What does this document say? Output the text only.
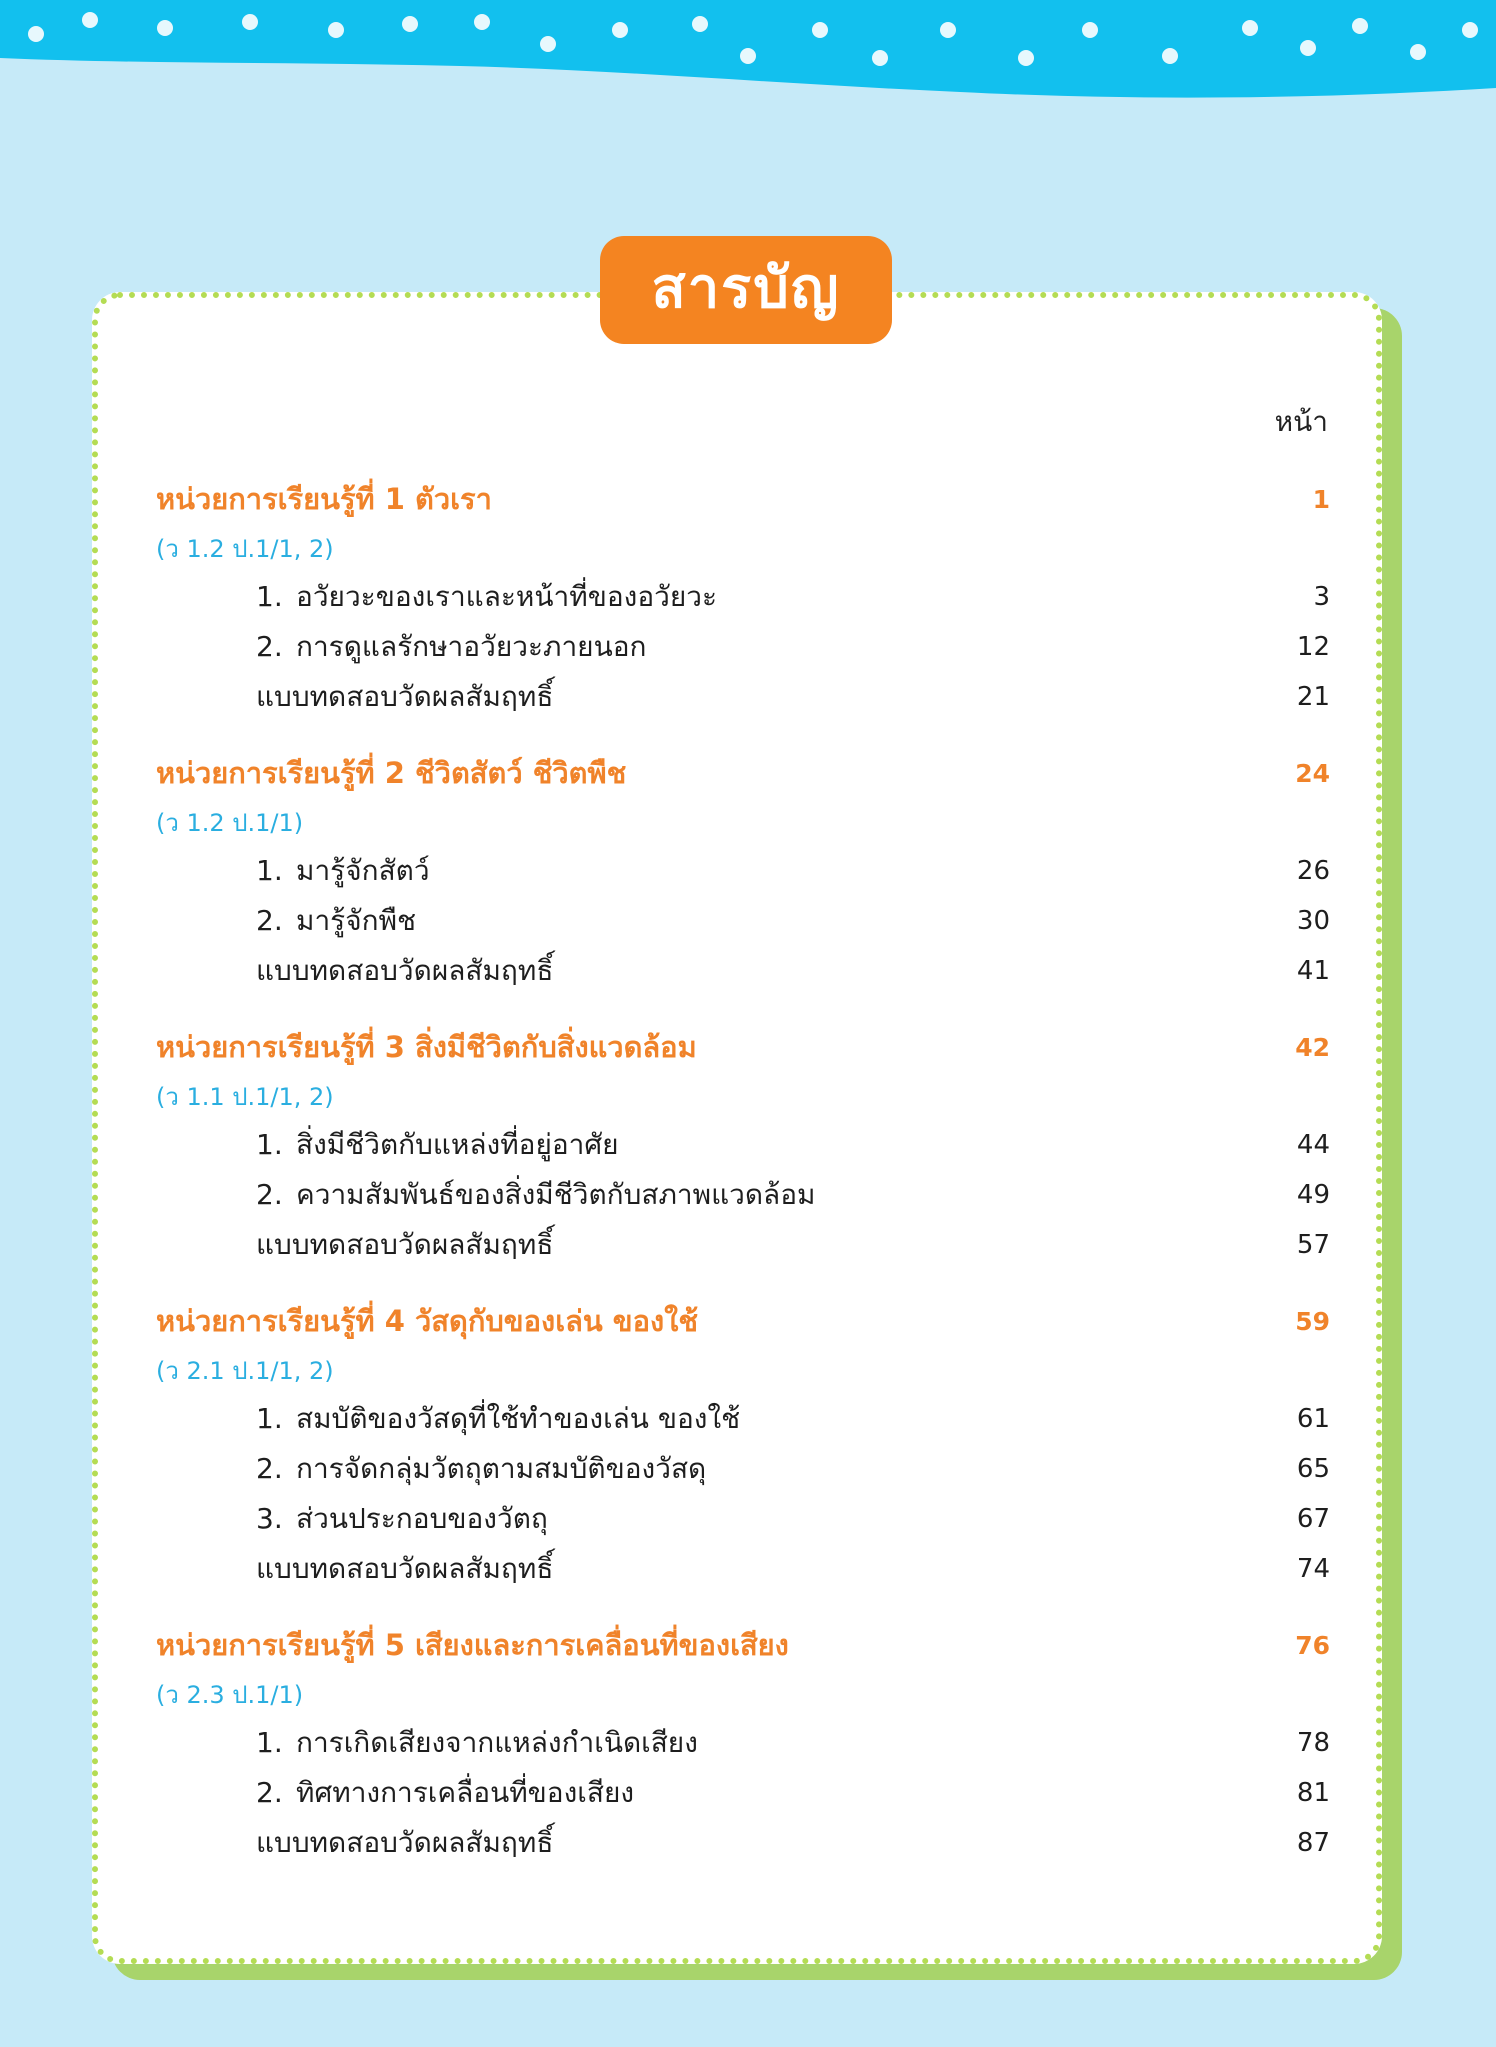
สารบัญ
หน้า
หน่วยการเรียนรู้ที่ 1 ตัวเรา	1
(ว 1.2 ป.1/1, 2)
1. อวัยวะของเราและหน้าที่ของอวัยวะ	3
2. การดูแลรักษาอวัยวะภายนอก	12
แบบทดสอบวัดผลสัมฤทธิ์	21
หน่วยการเรียนรู้ที่ 2 ชีวิตสัตว์ ชีวิตพืช	24
(ว 1.2 ป.1/1)
1. มารู้จักสัตว์	26
2. มารู้จักพืช	30
แบบทดสอบวัดผลสัมฤทธิ์	41
หน่วยการเรียนรู้ที่ 3 สิ่งมีชีวิตกับสิ่งแวดล้อม	42
(ว 1.1 ป.1/1, 2)
1. สิ่งมีชีวิตกับแหล่งที่อยู่อาศัย	44
2. ความสัมพันธ์ของสิ่งมีชีวิตกับสภาพแวดล้อม	49
แบบทดสอบวัดผลสัมฤทธิ์	57
หน่วยการเรียนรู้ที่ 4 วัสดุกับของเล่น ของใช้	59
(ว 2.1 ป.1/1, 2)
1. สมบัติของวัสดุที่ใช้ทำของเล่น ของใช้	61
2. การจัดกลุ่มวัตถุตามสมบัติของวัสดุ	65
3. ส่วนประกอบของวัตถุ	67
แบบทดสอบวัดผลสัมฤทธิ์	74
หน่วยการเรียนรู้ที่ 5 เสียงและการเคลื่อนที่ของเสียง	76
(ว 2.3 ป.1/1)
1. การเกิดเสียงจากแหล่งกำเนิดเสียง	78
2. ทิศทางการเคลื่อนที่ของเสียง	81
แบบทดสอบวัดผลสัมฤทธิ์	87
